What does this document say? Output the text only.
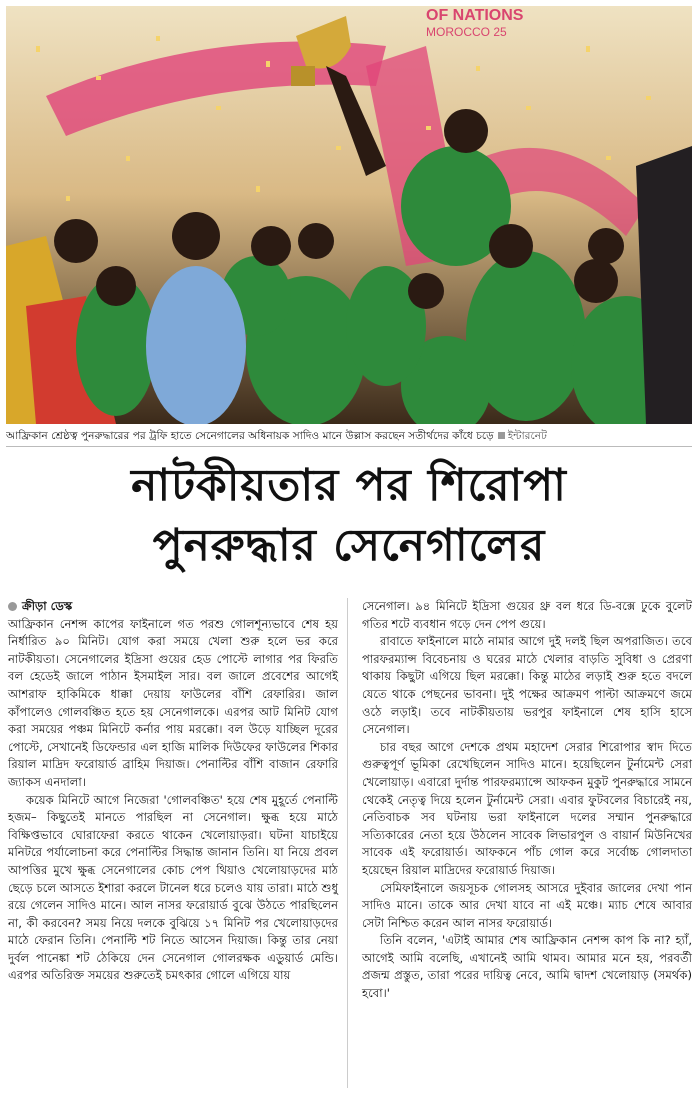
OF NATIONS
MOROCCO 25
আফ্রিকান শ্রেষ্ঠত্ব পুনরুদ্ধারের পর ট্রফি হাতে সেনেগালের অধিনায়ক সাদিও মানে উল্লাস করছেন সতীর্থদের কাঁধে চড়ে ইন্টারনেট
নাটকীয়তার পর শিরোপা
পুনরুদ্ধার সেনেগালের
ক্রীড়া ডেস্ক

আফ্রিকান নেশন্স কাপের ফাইনালে গত পরশু গোলশূন্যভাবে শেষ হয় নির্ধারিত ৯০ মিনিট। যোগ করা সময়ে খেলা শুরু হলে ভর করে নাটকীয়তা। সেনেগালের ইদ্রিসা গুয়ের হেড পোস্টে লাগার পর ফিরতি বল হেডেই জালে পাঠান ইসমাইল সার। বল জালে প্রবেশের আগেই আশরাফ হাকিমিকে ধাক্কা দেয়ায় ফাউলের বাঁশি রেফারির। জাল কাঁপালেও গোলবঞ্চিত হতে হয় সেনেগালকে। এরপর আট মিনিট যোগ করা সময়ের পঞ্চম মিনিটে কর্নার পায় মরক্কো। বল উড়ে যাচ্ছিল দূরের পোস্টে, সেখানেই ডিফেন্ডার এল হাজি মালিক দিউফের ফাউলের শিকার রিয়াল মাদ্রিদ ফরোয়ার্ড ব্রাহিম দিয়াজ। পেনাল্টির বাঁশি বাজান রেফারি জ্যাকস এনদালা।

কয়েক মিনিটে আগে নিজেরা 'গোলবঞ্চিত' হয়ে শেষ মুহূর্তে পেনাল্টি হজম– কিছুতেই মানতে পারছিল না সেনেগাল। ক্ষুব্ধ হয়ে মাঠে বিক্ষিপ্তভাবে ঘোরাফেরা করতে থাকেন খেলোয়াড়রা। ঘটনা যাচাইয়ে মনিটরে পর্যালোচনা করে পেনাল্টির সিদ্ধান্ত জানান তিনি। যা নিয়ে প্রবল আপত্তির মুখে ক্ষুব্ধ সেনেগালের কোচ পেপ থিয়াও খেলোয়াড়দের মাঠ ছেড়ে চলে আসতে ইশারা করলে টানেল ধরে চলেও যায় তারা। মাঠে শুধু রয়ে গেলেন সাদিও মানে। আল নাসর ফরোয়ার্ড বুঝে উঠতে পারছিলেন না, কী করবেন? সময় নিয়ে দলকে বুঝিয়ে ১৭ মিনিট পর খেলোয়াড়দের মাঠে ফেরান তিনি। পেনাল্টি শট নিতে আসেন দিয়াজ। কিন্তু তার নেয়া দুর্বল পানেঙ্কা শট ঠেকিয়ে দেন সেনেগাল গোলরক্ষক এডুয়ার্ড মেন্ডি। এরপর অতিরিক্ত সময়ের শুরুতেই চমৎকার গোলে এগিয়ে যায়

সেনেগাল। ৯৪ মিনিটে ইদ্রিসা গুয়ের থ্রু বল ধরে ডি-বক্সে ঢুকে বুলেট গতির শটে ব্যবধান গড়ে দেন পেপ গুয়ে।

রাবাতে ফাইনালে মাঠে নামার আগে দুই দলই ছিল অপরাজিত। তবে পারফরম্যান্স বিবেচনায় ও ঘরের মাঠে খেলার বাড়তি সুবিধা ও প্রেরণা থাকায় কিছুটা এগিয়ে ছিল মরক্কো। কিন্তু মাঠের লড়াই শুরু হতে বদলে যেতে থাকে পেছনের ভাবনা। দুই পক্ষের আক্রমণ পাল্টা আক্রমণে জমে ওঠে লড়াই। তবে নাটকীয়তায় ভরপুর ফাইনালে শেষ হাসি হাসে সেনেগাল।

চার বছর আগে দেশকে প্রথম মহাদেশ সেরার শিরোপার স্বাদ দিতে গুরুত্বপূর্ণ ভূমিকা রেখেছিলেন সাদিও মানে। হয়েছিলেন টুর্নামেন্ট সেরা খেলোয়াড়। এবারো দুর্দান্ত পারফরম্যান্সে আফকন মুকুট পুনরুদ্ধারে সামনে থেকেই নেতৃত্ব দিয়ে হলেন টুর্নামেন্ট সেরা। এবার ফুটবলের বিচারেই নয়, নেতিবাচক সব ঘটনায় ভরা ফাইনালে দলের সম্মান পুনরুদ্ধারে সত্যিকারের নেতা হয়ে উঠলেন সাবেক লিভারপুল ও বায়ার্ন মিউনিখের সাবেক এই ফরোয়ার্ড। আফকনে পাঁচ গোল করে সর্বোচ্চ গোলদাতা হয়েছেন রিয়াল মাদ্রিদের ফরোয়ার্ড দিয়াজ।

সেমিফাইনালে জয়সূচক গোলসহ আসরে দুইবার জালের দেখা পান সাদিও মানে। তাকে আর দেখা যাবে না এই মঞ্চে। ম্যাচ শেষে আবার সেটা নিশ্চিত করেন আল নাসর ফরোয়ার্ড।

তিনি বলেন, 'এটাই আমার শেষ আফ্রিকান নেশন্স কাপ কি না? হ্যাঁ, আগেই আমি বলেছি, এখানেই আমি থামব। আমার মনে হয়, পরবর্তী প্রজন্ম প্রস্তুত, তারা পরের দায়িত্ব নেবে, আমি দ্বাদশ খেলোয়াড় (সমর্থক) হবো।'
